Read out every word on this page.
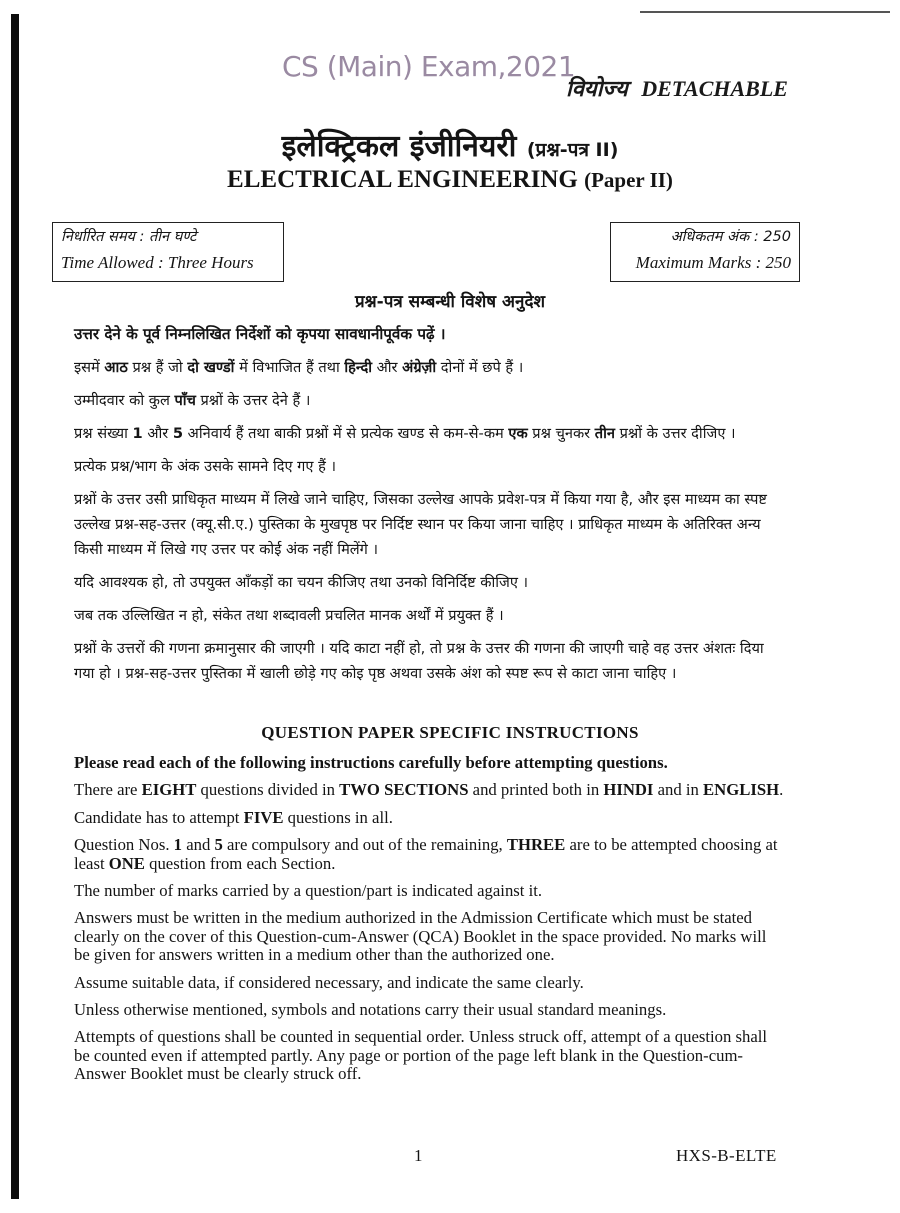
CS (Main) Exam,2021
वियोज्य DETACHABLE
इलेक्ट्रिकल इंजीनियरी (प्रश्न-पत्र II)
ELECTRICAL ENGINEERING (Paper II)
निर्धारित समय : तीन घण्टे
Time Allowed : Three Hours
अधिकतम अंक : 250
Maximum Marks : 250
प्रश्न-पत्र सम्बन्धी विशेष अनुदेश

उत्तर देने के पूर्व निम्नलिखित निर्देशों को कृपया सावधानीपूर्वक पढ़ें ।

इसमें आठ प्रश्न हैं जो दो खण्डों में विभाजित हैं तथा हिन्दी और अंग्रेज़ी दोनों में छपे हैं ।

उम्मीदवार को कुल पाँच प्रश्नों के उत्तर देने हैं ।

प्रश्न संख्या 1 और 5 अनिवार्य हैं तथा बाकी प्रश्नों में से प्रत्येक खण्ड से कम-से-कम एक प्रश्न चुनकर तीन प्रश्नों के उत्तर दीजिए ।

प्रत्येक प्रश्न/भाग के अंक उसके सामने दिए गए हैं ।

प्रश्नों के उत्तर उसी प्राधिकृत माध्यम में लिखे जाने चाहिए, जिसका उल्लेख आपके प्रवेश-पत्र में किया गया है, और इस माध्यम का स्पष्ट उल्लेख प्रश्न-सह-उत्तर (क्यू.सी.ए.) पुस्तिका के मुखपृष्ठ पर निर्दिष्ट स्थान पर किया जाना चाहिए । प्राधिकृत माध्यम के अतिरिक्त अन्य किसी माध्यम में लिखे गए उत्तर पर कोई अंक नहीं मिलेंगे ।

यदि आवश्यक हो, तो उपयुक्त आँकड़ों का चयन कीजिए तथा उनको विनिर्दिष्ट कीजिए ।

जब तक उल्लिखित न हो, संकेत तथा शब्दावली प्रचलित मानक अर्थों में प्रयुक्त हैं ।

प्रश्नों के उत्तरों की गणना क्रमानुसार की जाएगी । यदि काटा नहीं हो, तो प्रश्न के उत्तर की गणना की जाएगी चाहे वह उत्तर अंशतः दिया गया हो । प्रश्न-सह-उत्तर पुस्तिका में खाली छोड़े गए कोइ पृष्ठ अथवा उसके अंश को स्पष्ट रूप से काटा जाना चाहिए ।

QUESTION PAPER SPECIFIC INSTRUCTIONS

Please read each of the following instructions carefully before attempting questions.

There are EIGHT questions divided in TWO SECTIONS and printed both in HINDI and in ENGLISH.

Candidate has to attempt FIVE questions in all.

Question Nos. 1 and 5 are compulsory and out of the remaining, THREE are to be attempted choosing at least ONE question from each Section.

The number of marks carried by a question/part is indicated against it.

Answers must be written in the medium authorized in the Admission Certificate which must be stated clearly on the cover of this Question-cum-Answer (QCA) Booklet in the space provided. No marks will be given for answers written in a medium other than the authorized one.

Assume suitable data, if considered necessary, and indicate the same clearly.

Unless otherwise mentioned, symbols and notations carry their usual standard meanings.

Attempts of questions shall be counted in sequential order. Unless struck off, attempt of a question shall be counted even if attempted partly. Any page or portion of the page left blank in the Question-cum-Answer Booklet must be clearly struck off.

1	HXS-B-ELTE
